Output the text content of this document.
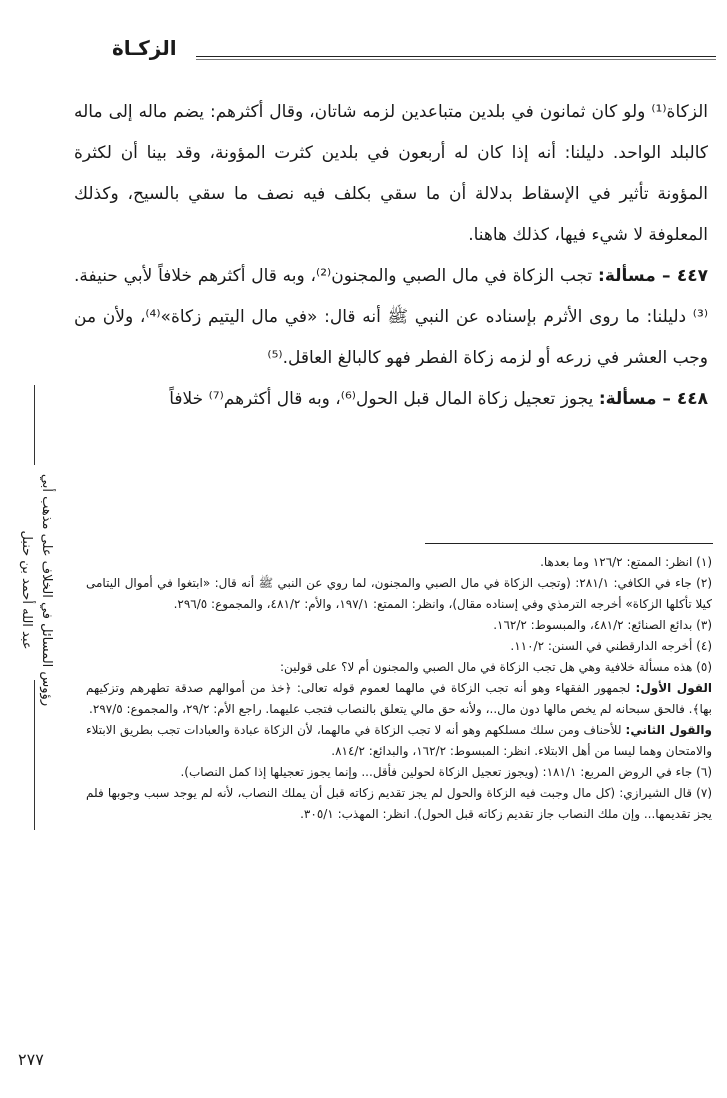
الزكـاة

الزكاة⁽¹⁾ ولو كان ثمانون في بلدين متباعدين لزمه شاتان، وقال أكثرهم: يضم ماله إلى ماله كالبلد الواحد. دليلنا: أنه إذا كان له أربعون في بلدين كثرت المؤونة، وقد بينا أن لكثرة المؤونة تأثير في الإسقاط بدلالة أن ما سقي بكلف فيه نصف ما سقي بالسيح، وكذلك المعلوفة لا شيء فيها، كذلك هاهنا.

٤٤٧ – مسألة: تجب الزكاة في مال الصبي والمجنون⁽²⁾، وبه قال أكثرهم خلافاً لأبي حنيفة.⁽³⁾ دليلنا: ما روى الأثرم بإسناده عن النبي ﷺ أنه قال: «في مال اليتيم زكاة»⁽⁴⁾، ولأن من وجب العشر في زرعه أو لزمه زكاة الفطر فهو كالبالغ العاقل.⁽⁵⁾

٤٤٨ – مسألة: يجوز تعجيل زكاة المال قبل الحول⁽⁶⁾، وبه قال أكثرهم⁽⁷⁾ خلافاً

رؤوس المسائل في الخلاف على مذهب أبي عبد الله أحمد بن حنبل	(١) انظر: الممتع: ١٢٦/٢ وما بعدها.

(٢) جاء في الكافي: ٢٨١/١: (وتجب الزكاة في مال الصبي والمجنون، لما روي عن النبي ﷺ أنه قال: «ابتغوا في أموال اليتامى كيلا تأكلها الزكاة» أخرجه الترمذي وفي إسناده مقال)، وانظر: الممتع: ١٩٧/١، والأم: ٤٨١/٢، والمجموع: ٢٩٦/٥.

(٣) بدائع الصنائع: ٤٨١/٢، والمبسوط: ١٦٢/٢.

(٤) أخرجه الدارقطني في السنن: ١١٠/٢.

(٥) هذه مسألة خلافية وهي هل تجب الزكاة في مال الصبي والمجنون أم لا؟ على قولين:

القول الأول: لجمهور الفقهاء وهو أنه تجب الزكاة في مالهما لعموم قوله تعالى: ﴿خذ من أموالهم صدقة تطهرهم وتزكيهم بها﴾. فالحق سبحانه لم يخص مالها دون مال..، ولأنه حق مالي يتعلق بالنصاب فتجب عليهما. راجع الأم: ٢٩/٢، والمجموع: ٢٩٧/٥.

والقول الثاني: للأحناف ومن سلك مسلكهم وهو أنه لا تجب الزكاة في مالهما، لأن الزكاة عبادة والعبادات تجب بطريق الابتلاء والامتحان وهما ليسا من أهل الابتلاء. انظر: المبسوط: ١٦٢/٢، والبدائع: ٨١٤/٢.

(٦) جاء في الروض المربع: ١٨١/١: (ويجوز تعجيل الزكاة لحولين فأقل... وإنما يجوز تعجيلها إذا كمل النصاب).

(٧) قال الشيرازي: (كل مال وجبت فيه الزكاة والحول لم يجز تقديم زكاته قبل أن يملك النصاب، لأنه لم يوجد سبب وجوبها فلم يجز تقديمها... وإن ملك النصاب جاز تقديم زكاته قبل الحول). انظر: المهذب: ٣٠٥/١.

٢٧٧
